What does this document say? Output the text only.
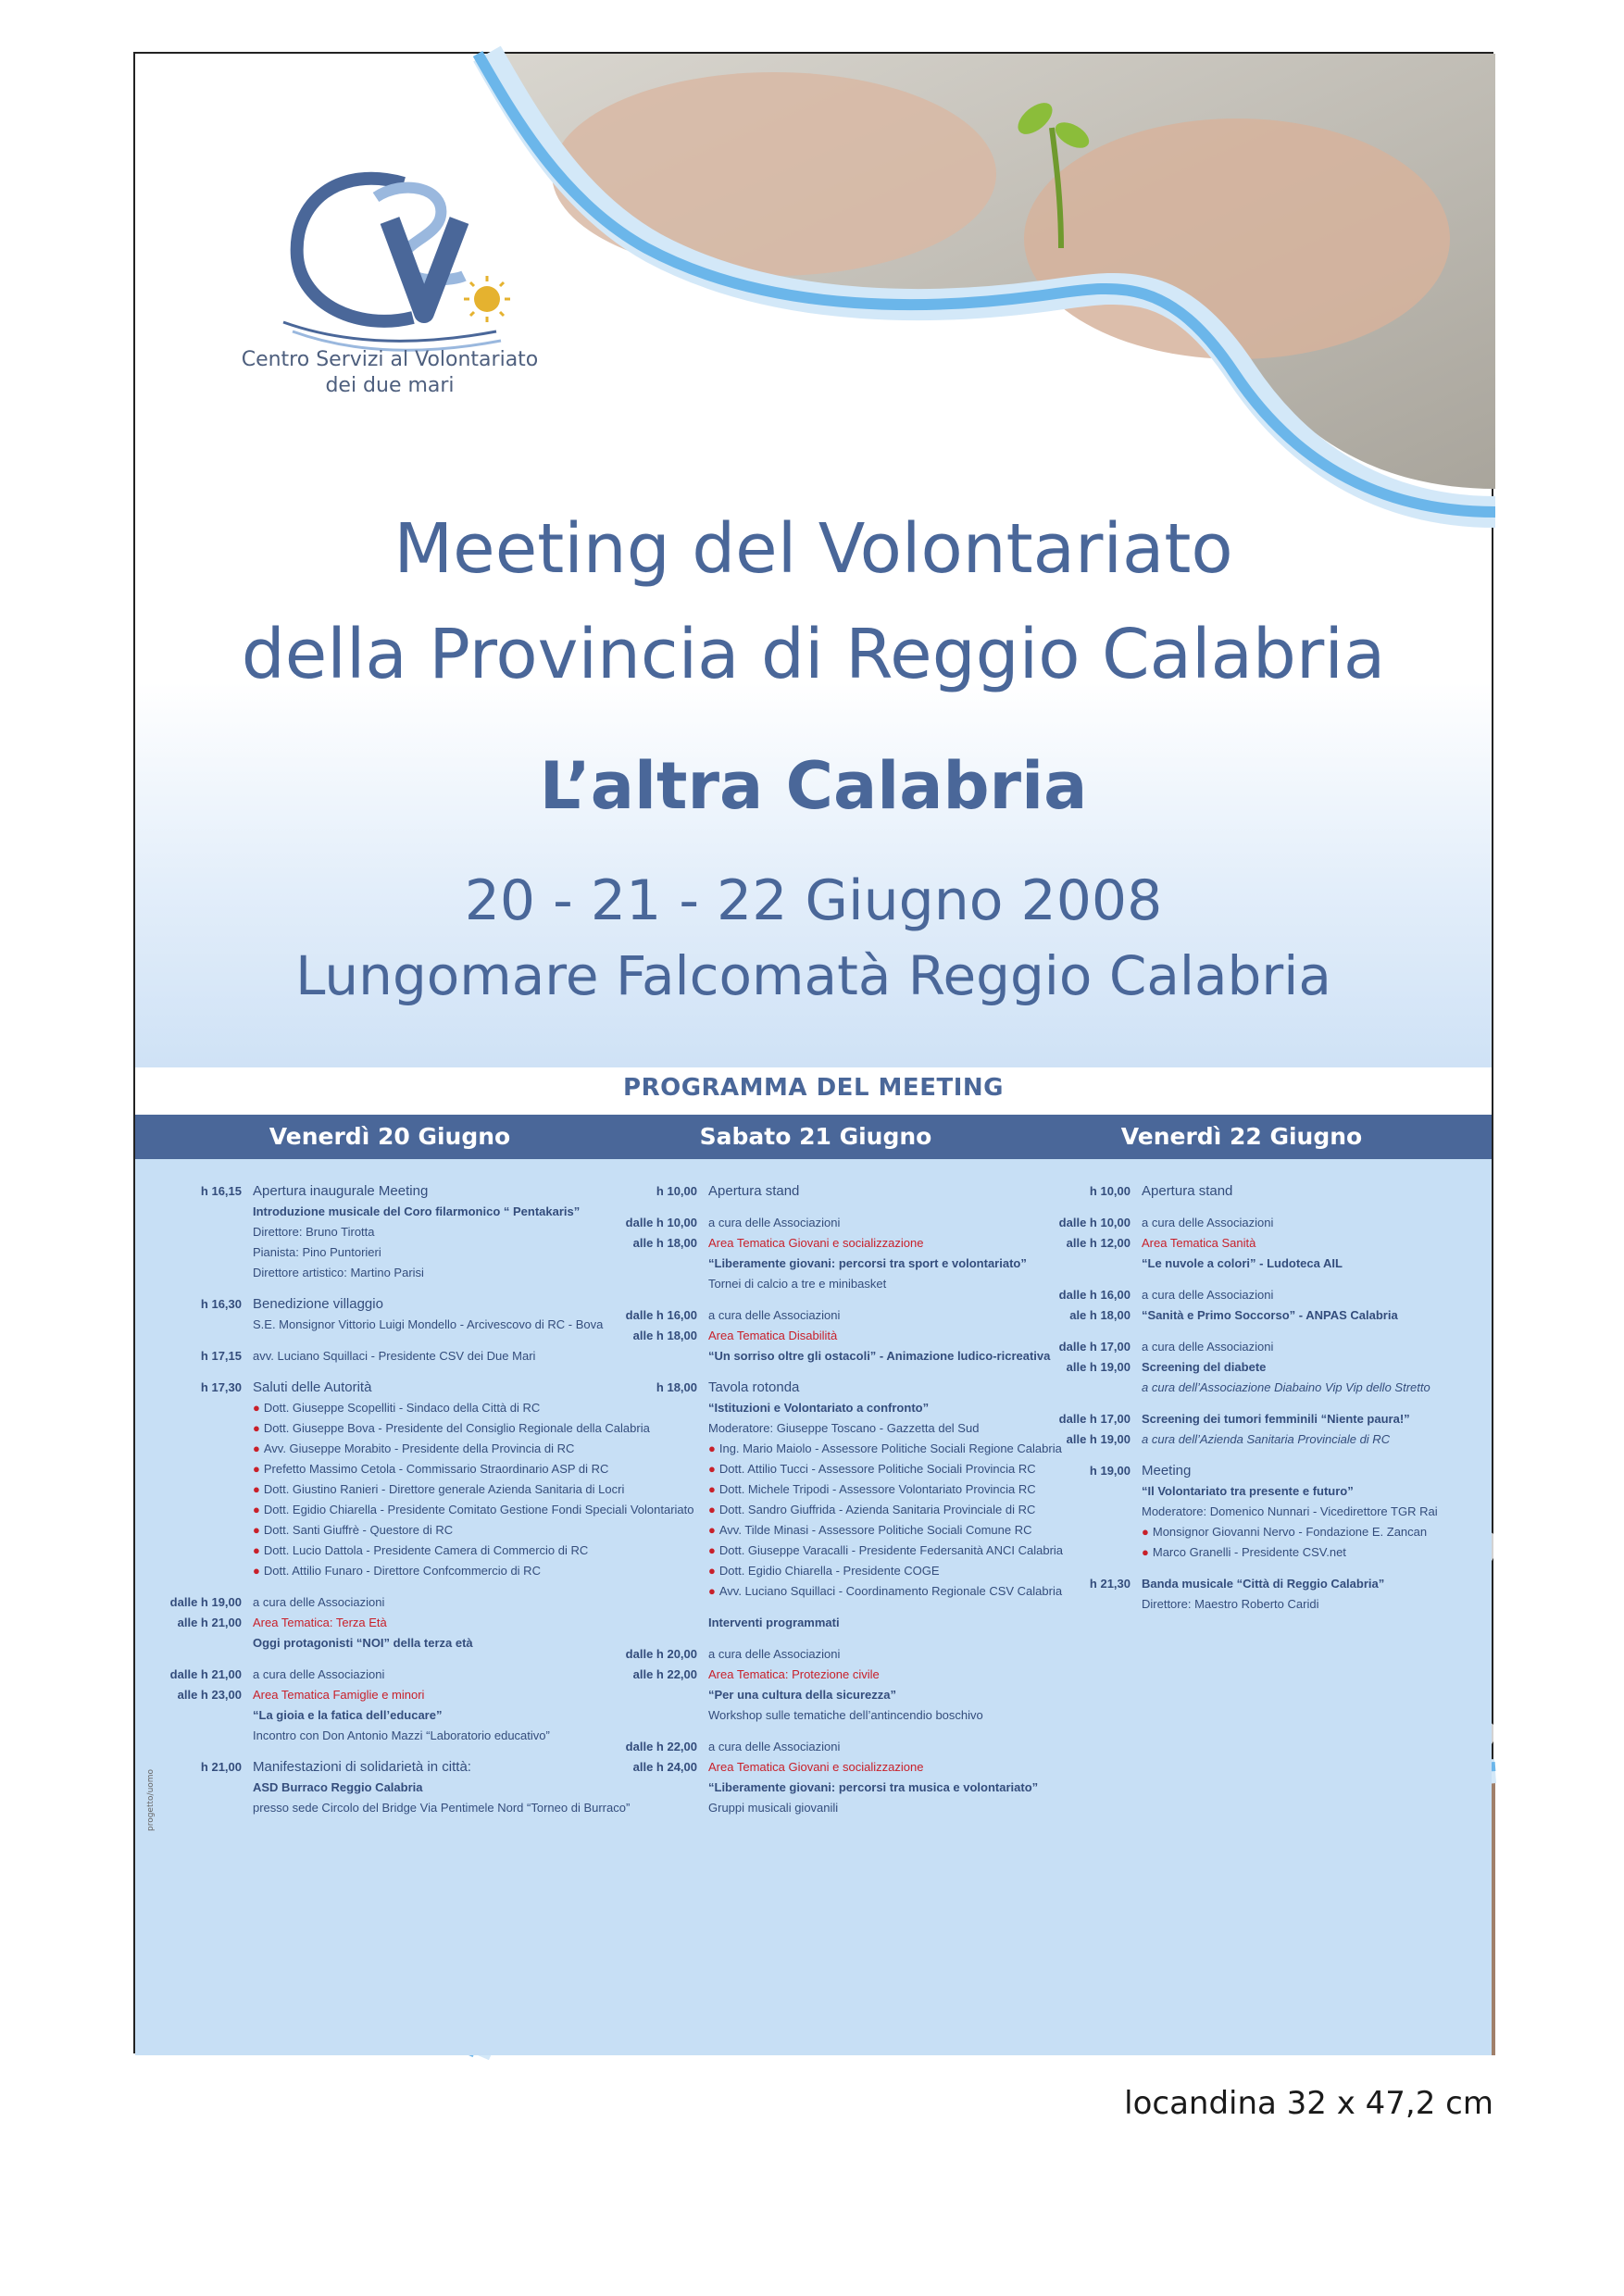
Centro Servizi al Volontariato
dei due mari
Meeting del Volontariato
della Provincia di Reggio Calabria
L’altra Calabria
20 - 21 - 22 Giugno 2008
Lungomare Falcomatà Reggio Calabria
PROGRAMMA DEL MEETING
Venerdì 20 Giugno	Sabato 21 Giugno	Venerdì 22 Giugno
h 16,15 Apertura inaugurale Meeting
Introduzione musicale del Coro filarmonico “ Pentakaris”
Direttore: Bruno Tirotta
Pianista: Pino Puntorieri
Direttore artistico: Martino Parisi
h 16,30 Benedizione villaggio
S.E. Monsignor Vittorio Luigi Mondello - Arcivescovo di RC - Bova
h 17,15 avv. Luciano Squillaci - Presidente CSV dei Due Mari
h 17,30 Saluti delle Autorità
● Dott. Giuseppe Scopelliti - Sindaco della Città di RC
● Dott. Giuseppe Bova - Presidente del Consiglio Regionale della Calabria
● Avv. Giuseppe Morabito - Presidente della Provincia di RC
● Prefetto Massimo Cetola - Commissario Straordinario ASP di RC
● Dott. Giustino Ranieri - Direttore generale Azienda Sanitaria di Locri
● Dott. Egidio Chiarella - Presidente Comitato Gestione Fondi Speciali Volontariato
● Dott. Santi Giuffrè - Questore di RC
● Dott. Lucio Dattola - Presidente Camera di Commercio di RC
● Dott. Attilio Funaro - Direttore Confcommercio di RC
dalle h 19,00 a cura delle Associazioni
alle h 21,00 Area Tematica: Terza Età
Oggi protagonisti “NOI” della terza età
dalle h 21,00 a cura delle Associazioni
alle h 23,00 Area Tematica Famiglie e minori
“La gioia e la fatica dell’educare”
Incontro con Don Antonio Mazzi “Laboratorio educativo”
h 21,00 Manifestazioni di solidarietà in città:
ASD Burraco Reggio Calabria
presso sede Circolo del Bridge Via Pentimele Nord “Torneo di Burraco”
h 10,00 Apertura stand
dalle h 10,00 a cura delle Associazioni
alle h 18,00 Area Tematica Giovani e socializzazione
“Liberamente giovani: percorsi tra sport e volontariato”
Tornei di calcio a tre e minibasket
dalle h 16,00 a cura delle Associazioni
alle h 18,00 Area Tematica Disabilità
“Un sorriso oltre gli ostacoli” - Animazione ludico-ricreativa
h 18,00 Tavola rotonda
“Istituzioni e Volontariato a confronto”
Moderatore: Giuseppe Toscano - Gazzetta del Sud
● Ing. Mario Maiolo - Assessore Politiche Sociali Regione Calabria
● Dott. Attilio Tucci - Assessore Politiche Sociali Provincia RC
● Dott. Michele Tripodi - Assessore Volontariato Provincia RC
● Dott. Sandro Giuffrida - Azienda Sanitaria Provinciale di RC
● Avv. Tilde Minasi - Assessore Politiche Sociali Comune RC
● Dott. Giuseppe Varacalli - Presidente Federsanità ANCI Calabria
● Dott. Egidio Chiarella - Presidente COGE
● Avv. Luciano Squillaci - Coordinamento Regionale CSV Calabria
Interventi programmati
dalle h 20,00 a cura delle Associazioni
alle h 22,00 Area Tematica: Protezione civile
“Per una cultura della sicurezza”
Workshop sulle tematiche dell’antincendio boschivo
dalle h 22,00 a cura delle Associazioni
alle h 24,00 Area Tematica Giovani e socializzazione
“Liberamente giovani: percorsi tra musica e volontariato”
Gruppi musicali giovanili
h 10,00 Apertura stand
dalle h 10,00 a cura delle Associazioni
alle h 12,00 Area Tematica Sanità
“Le nuvole a colori” - Ludoteca AIL
dalle h 16,00 a cura delle Associazioni
ale h 18,00 “Sanità e Primo Soccorso” - ANPAS Calabria
dalle h 17,00 a cura delle Associazioni
alle h 19,00 Screening del diabete
a cura dell’Associazione Diabaino Vip Vip dello Stretto
dalle h 17,00 Screening dei tumori femminili “Niente paura!”
alle h 19,00 a cura dell’Azienda Sanitaria Provinciale di RC
h 19,00 Meeting
“Il Volontariato tra presente e futuro”
Moderatore: Domenico Nunnari - Vicedirettore TGR Rai
● Monsignor Giovanni Nervo - Fondazione E. Zancan
● Marco Granelli - Presidente CSV.net
h 21,30 Banda musicale “Città di Reggio Calabria”
Direttore: Maestro Roberto Caridi
progetto/uomo
locandina 32 x 47,2 cm
